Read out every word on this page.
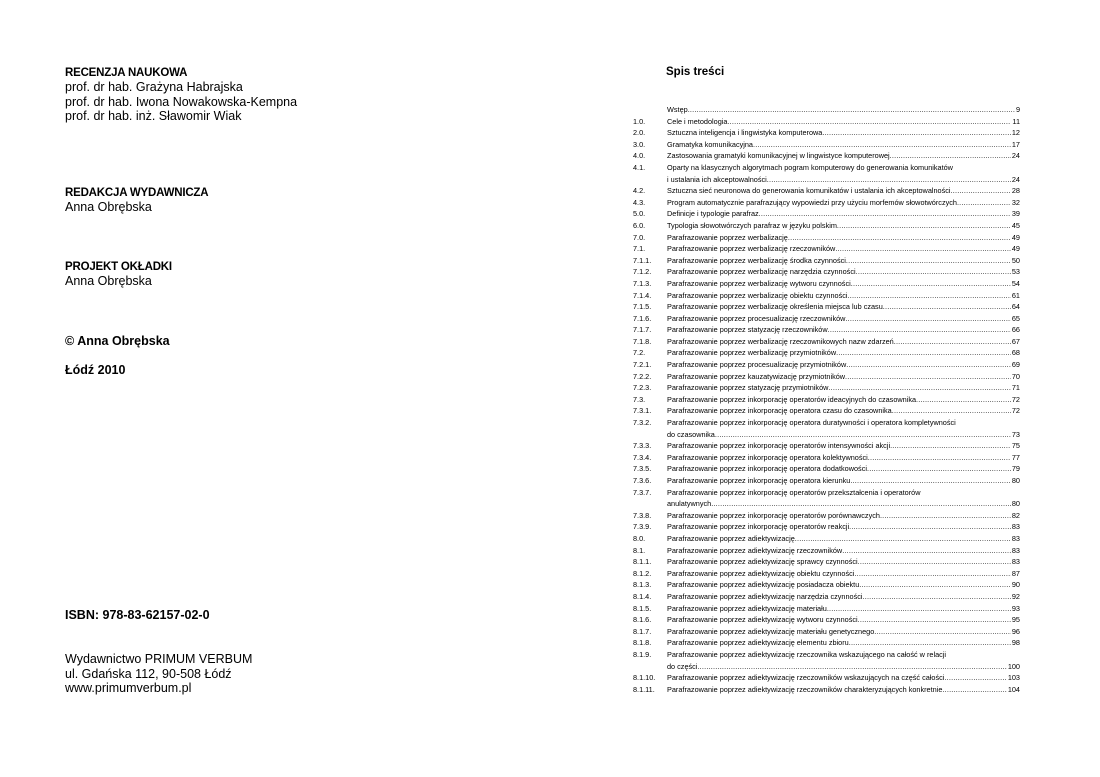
RECENZJA NAUKOWA
prof. dr hab. Grażyna Habrajska
prof. dr hab. Iwona Nowakowska-Kempna
prof. dr hab. inż. Sławomir Wiak
REDAKCJA WYDAWNICZA
Anna Obrębska
PROJEKT OKŁADKI
Anna Obrębska
© Anna Obrębska
Łódź 2010
ISBN: 978-83-62157-02-0
Wydawnictwo PRIMUM VERBUM
ul. Gdańska 112, 90-508 Łódź
www.primumverbum.pl
Spis treści
Wstęp .....	9
1.0.	Cele i metodologia .....	11
2.0.	Sztuczna inteligencja i lingwistyka komputerowa .....	12
3.0.	Gramatyka komunikacyjna .....	17
4.0.	Zastosowania gramatyki komunikacyjnej w lingwistyce komputerowej .....	24
4.1.	Oparty na klasycznych algorytmach pogram komputerowy do generowania komunikatów
i ustalania ich akceptowalności .....	24
4.2.	Sztuczna sieć neuronowa do generowania komunikatów i ustalania ich akceptowalności .....	28
4.3.	Program automatycznie parafrazujący wypowiedzi przy użyciu morfemów słowotwórczych .....	32
5.0.	Definicje i typologie parafraz .....	39
6.0.	Typologia słowotwórczych parafraz w języku polskim .....	45
7.0.	Parafrazowanie poprzez werbalizację .....	49
7.1.	Parafrazowanie poprzez werbalizację rzeczowników .....	49
7.1.1.	Parafrazowanie poprzez werbalizację środka czynności .....	50
7.1.2.	Parafrazowanie poprzez werbalizację narzędzia czynności .....	53
7.1.3.	Parafrazowanie poprzez werbalizację wytworu czynności .....	54
7.1.4.	Parafrazowanie poprzez werbalizację obiektu czynności .....	61
7.1.5.	Parafrazowanie poprzez werbalizację określenia miejsca lub czasu .....	64
7.1.6.	Parafrazowanie poprzez procesualizację rzeczowników .....	65
7.1.7.	Parafrazowanie poprzez statyzację rzeczowników .....	66
7.1.8.	Parafrazowanie poprzez werbalizację rzeczownikowych nazw zdarzeń .....	67
7.2.	Parafrazowanie poprzez werbalizację przymiotników .....	68
7.2.1.	Parafrazowanie poprzez procesualizację przymiotników .....	69
7.2.2.	Parafrazowanie poprzez kauzatywizację przymiotników .....	70
7.2.3.	Parafrazowanie poprzez statyzację przymiotników .....	71
7.3.	Parafrazowanie poprzez inkorporację operatorów ideacyjnych do czasownika .....	72
7.3.1.	Parafrazowanie poprzez inkorporację operatora czasu do czasownika .....	72
7.3.2.	Parafrazowanie poprzez inkorporację operatora duratywności i operatora kompletywności
do czasownika .....	73
7.3.3.	Parafrazowanie poprzez inkorporację operatorów intensywności akcji .....	75
7.3.4.	Parafrazowanie poprzez inkorporację operatora kolektywności .....	77
7.3.5.	Parafrazowanie poprzez inkorporację operatora dodatkowości .....	79
7.3.6.	Parafrazowanie poprzez inkorporację operatora kierunku .....	80
7.3.7.	Parafrazowanie poprzez inkorporację operatorów przekształcenia i operatorów
anulatywnych .....	80
7.3.8.	Parafrazowanie poprzez inkorporację operatorów porównawczych .....	82
7.3.9.	Parafrazowanie poprzez inkorporację operatorów reakcji .....	83
8.0.	Parafrazowanie poprzez adiektywizację .....	83
8.1.	Parafrazowanie poprzez adiektywizację rzeczowników .....	83
8.1.1.	Parafrazowanie poprzez adiektywizację sprawcy czynności .....	83
8.1.2.	Parafrazowanie poprzez adiektywizację obiektu czynności .....	87
8.1.3.	Parafrazowanie poprzez adiektywizację posiadacza obiektu .....	90
8.1.4.	Parafrazowanie poprzez adiektywizację narzędzia czynności .....	92
8.1.5.	Parafrazowanie poprzez adiektywizację materiału .....	93
8.1.6.	Parafrazowanie poprzez adiektywizację wytworu czynności .....	95
8.1.7.	Parafrazowanie poprzez adiektywizację materiału genetycznego .....	96
8.1.8.	Parafrazowanie poprzez adiektywizację elementu zbioru .....	98
8.1.9.	Parafrazowanie poprzez adiektywizację rzeczownika wskazującego na całość w relacji
do części .....	100
8.1.10.	Parafrazowanie poprzez adiektywizację rzeczowników wskazujących na część całości .....	103
8.1.11.	Parafrazowanie poprzez adiektywizację rzeczowników charakteryzujących konkretnie .....	104
